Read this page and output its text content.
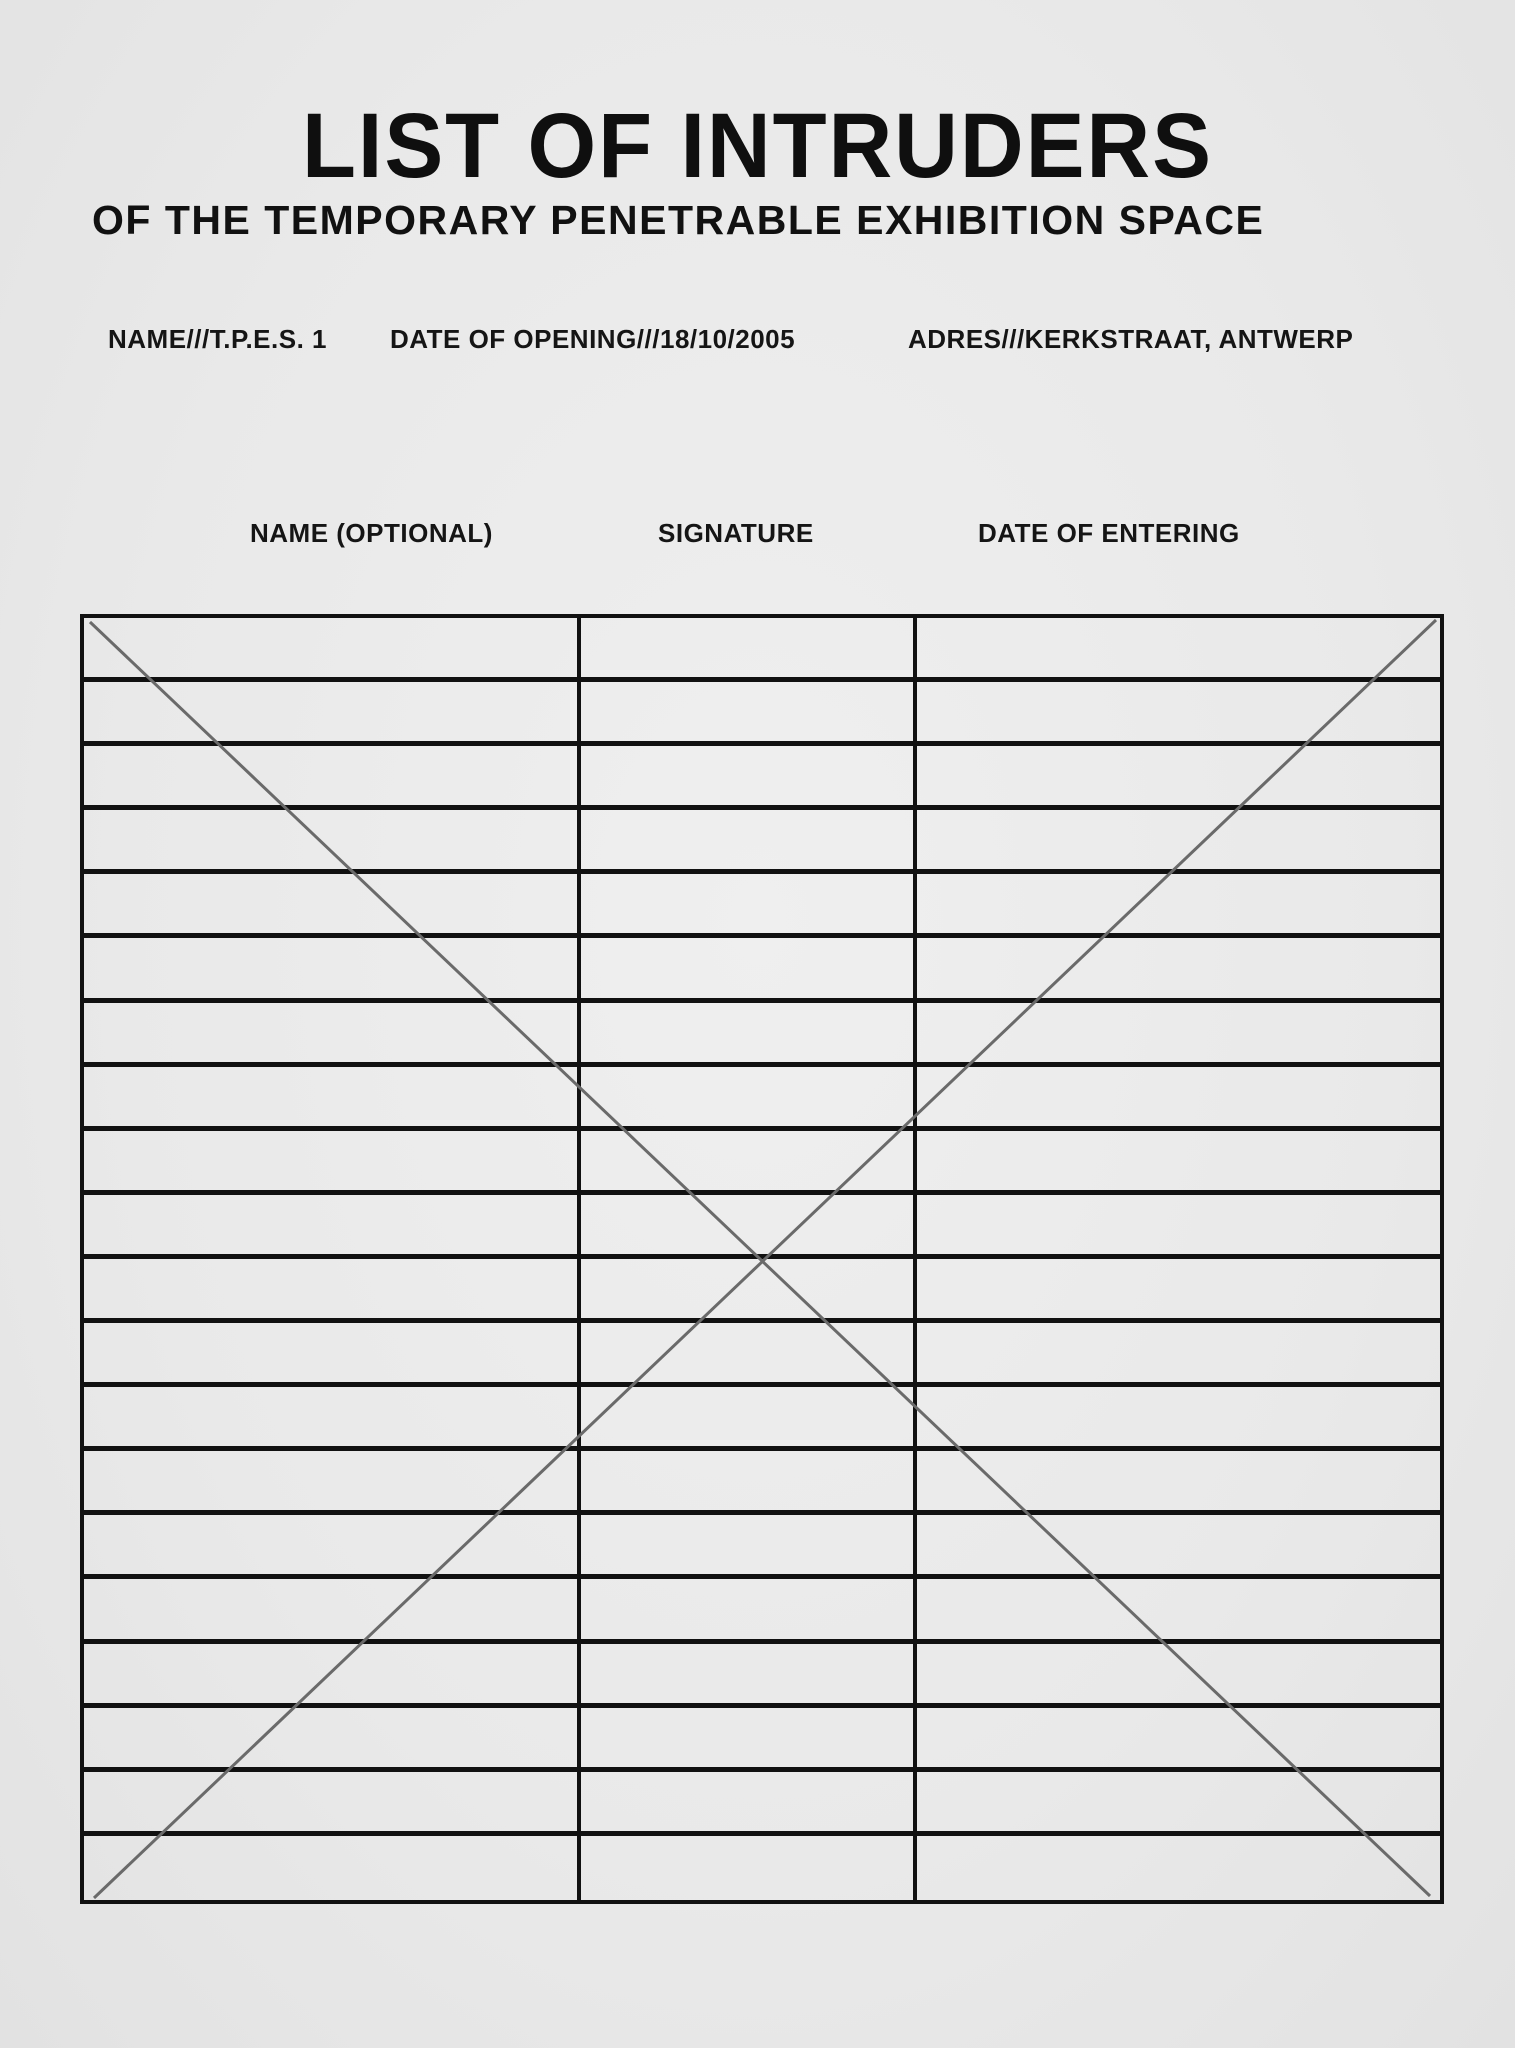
LIST OF INTRUDERS
OF THE TEMPORARY PENETRABLE EXHIBITION SPACE
NAME///T.P.E.S. 1 DATE OF OPENING///18/10/2005	ADRES///KERKSTRAAT, ANTWERP
NAME (OPTIONAL)	SIGNATURE	DATE OF ENTERING
